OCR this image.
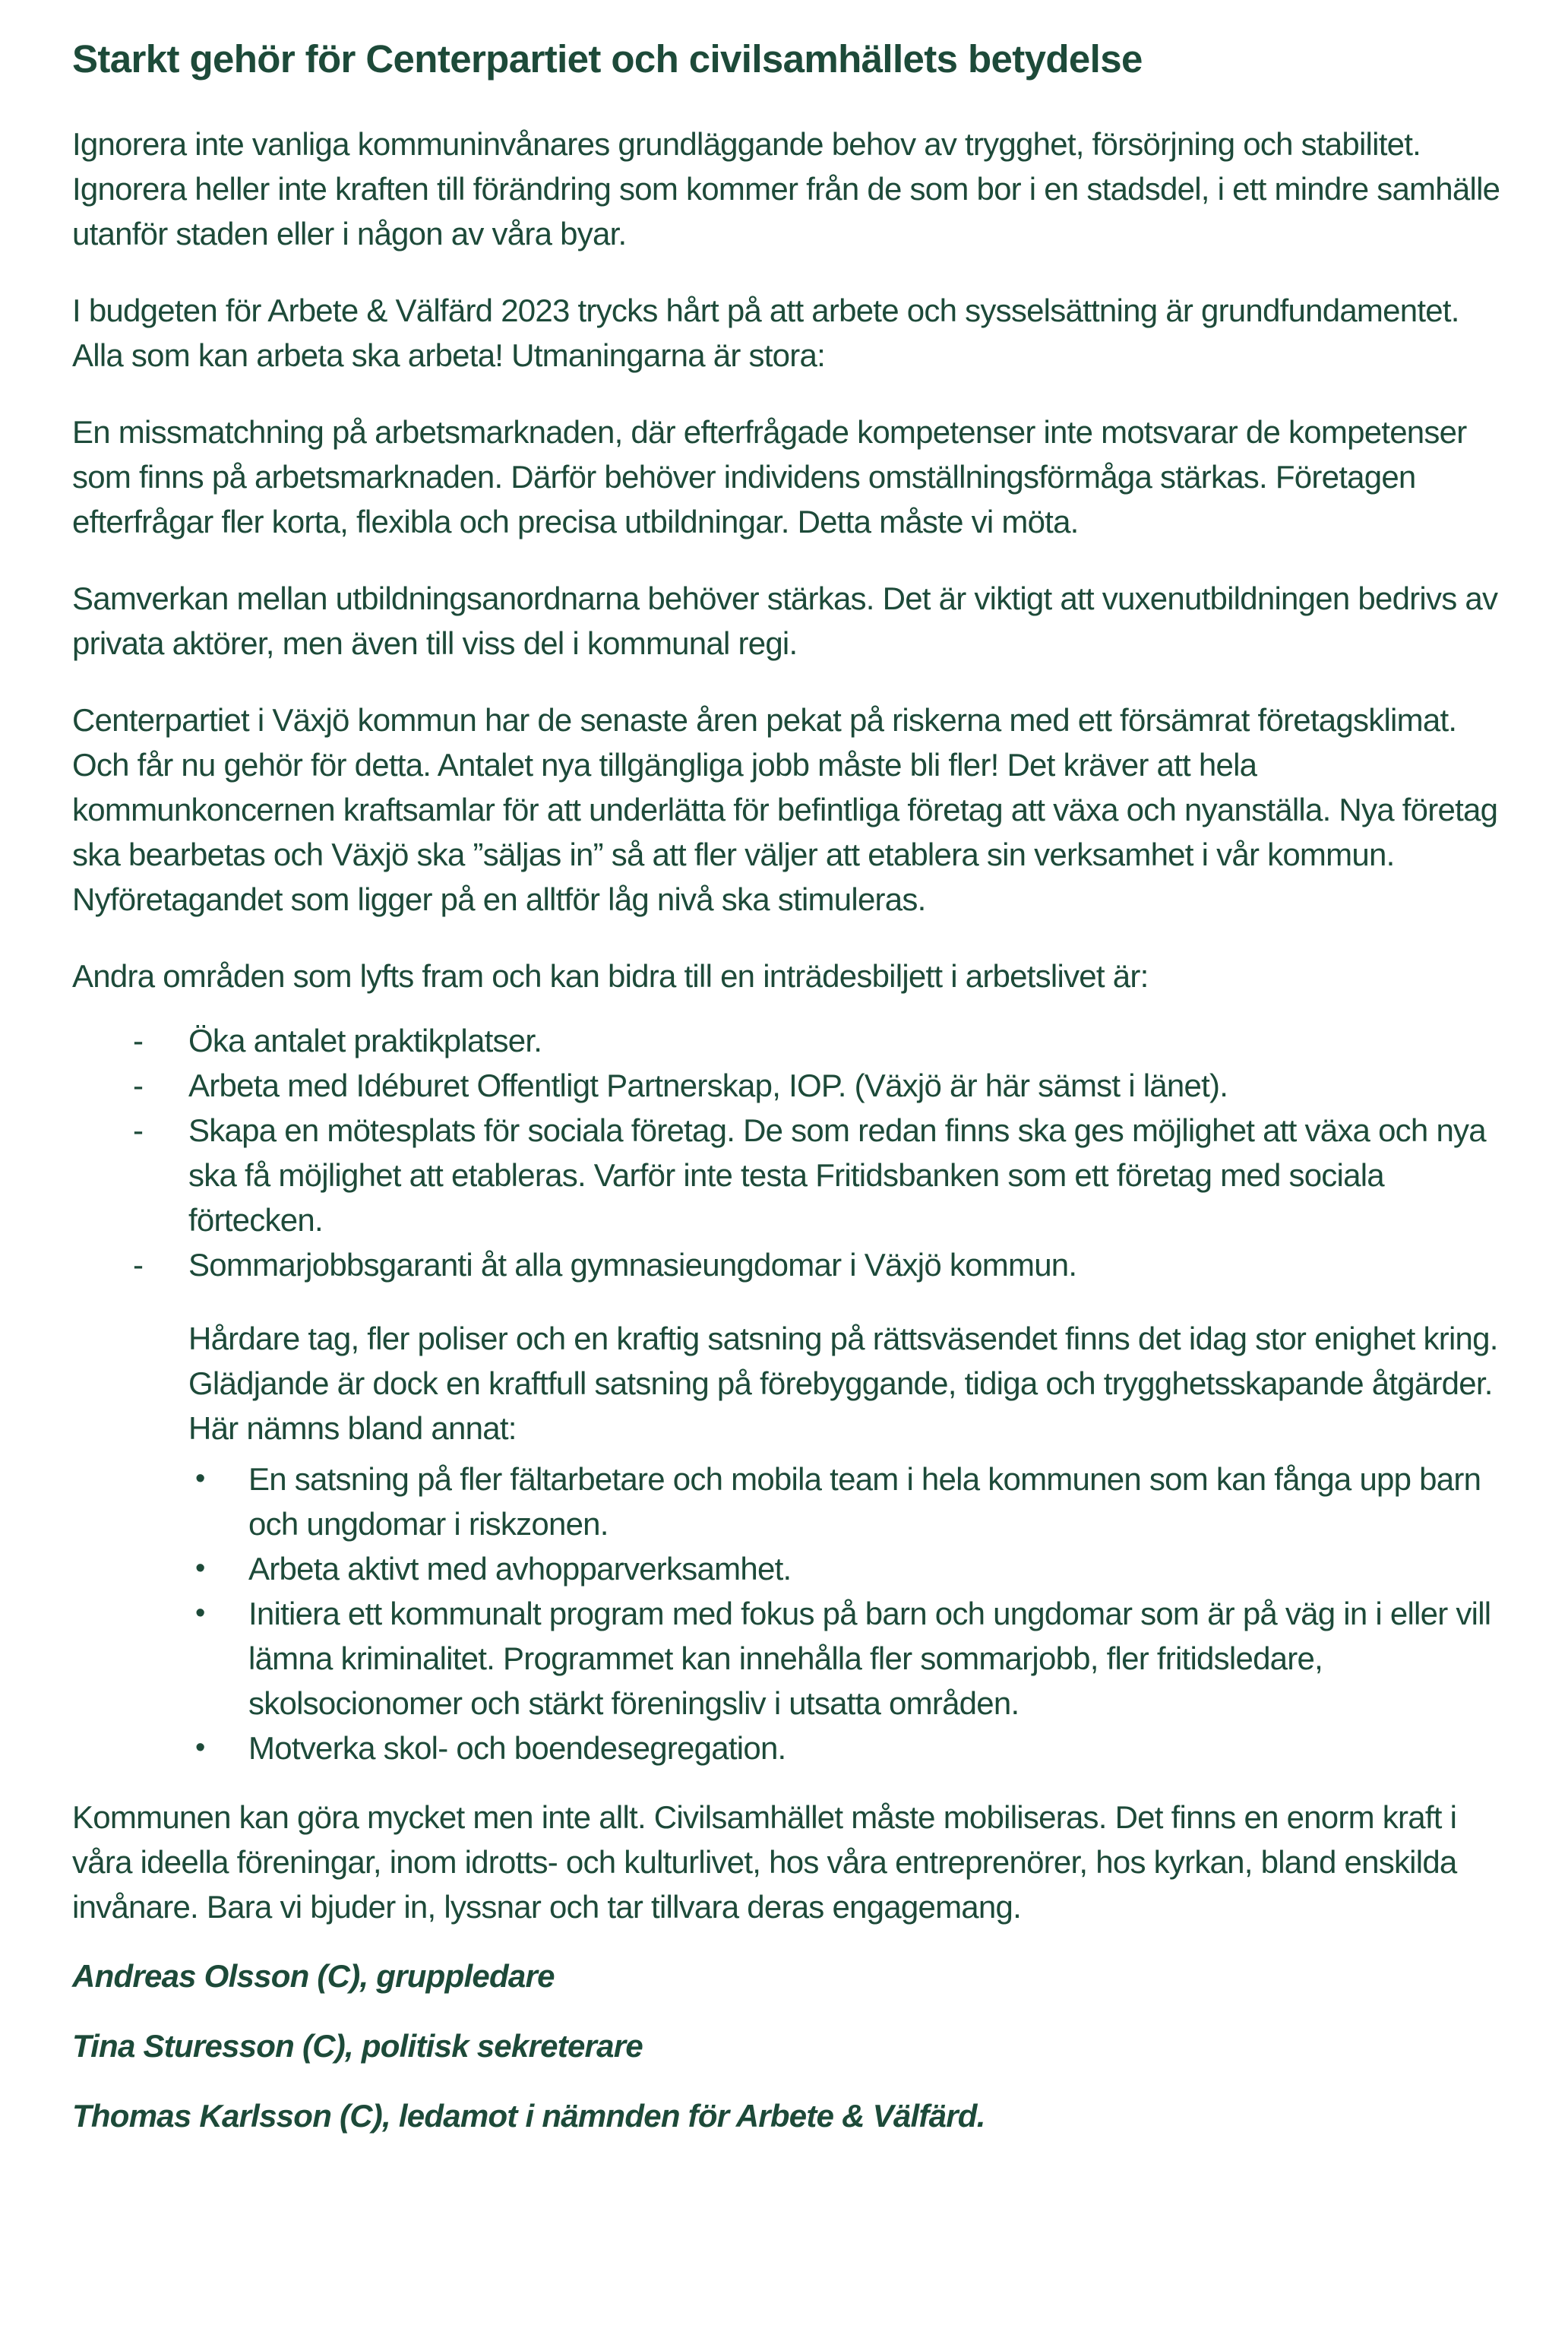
Starkt gehör för Centerpartiet och civilsamhällets betydelse

Ignorera inte vanliga kommuninvånares grundläggande behov av trygghet, försörjning och stabilitet. Ignorera heller inte kraften till förändring som kommer från de som bor i en stadsdel, i ett mindre samhälle utanför staden eller i någon av våra byar.

I budgeten för Arbete & Välfärd 2023 trycks hårt på att arbete och sysselsättning är grundfundamentet. Alla som kan arbeta ska arbeta! Utmaningarna är stora:

En missmatchning på arbetsmarknaden, där efterfrågade kompetenser inte motsvarar de kompetenser som finns på arbetsmarknaden. Därför behöver individens omställningsförmåga stärkas. Företagen efterfrågar fler korta, flexibla och precisa utbildningar. Detta måste vi möta.

Samverkan mellan utbildningsanordnarna behöver stärkas. Det är viktigt att vuxenutbildningen bedrivs av privata aktörer, men även till viss del i kommunal regi.

Centerpartiet i Växjö kommun har de senaste åren pekat på riskerna med ett försämrat företagsklimat. Och får nu gehör för detta. Antalet nya tillgängliga jobb måste bli fler! Det kräver att hela kommunkoncernen kraftsamlar för att underlätta för befintliga företag att växa och nyanställa. Nya företag ska bearbetas och Växjö ska ”säljas in” så att fler väljer att etablera sin verksamhet i vår kommun. Nyföretagandet som ligger på en alltför låg nivå ska stimuleras.

Andra områden som lyfts fram och kan bidra till en inträdesbiljett i arbetslivet är:

-	Öka antalet praktikplatser.
-	Arbeta med Idéburet Offentligt Partnerskap, IOP. (Växjö är här sämst i länet).
-	Skapa en mötesplats för sociala företag. De som redan finns ska ges möjlighet att växa och nya ska få möjlighet att etableras. Varför inte testa Fritidsbanken som ett företag med sociala förtecken.
-	Sommarjobbsgaranti åt alla gymnasieungdomar i Växjö kommun.

Hårdare tag, fler poliser och en kraftig satsning på rättsväsendet finns det idag stor enighet kring. Glädjande är dock en kraftfull satsning på förebyggande, tidiga och trygghetsskapande åtgärder. Här nämns bland annat:

•	En satsning på fler fältarbetare och mobila team i hela kommunen som kan fånga upp barn och ungdomar i riskzonen.
•	Arbeta aktivt med avhopparverksamhet.
•	Initiera ett kommunalt program med fokus på barn och ungdomar som är på väg in i eller vill lämna kriminalitet. Programmet kan innehålla fler sommarjobb, fler fritidsledare, skolsocionomer och stärkt föreningsliv i utsatta områden.
•	Motverka skol- och boendesegregation.

Kommunen kan göra mycket men inte allt. Civilsamhället måste mobiliseras. Det finns en enorm kraft i våra ideella föreningar, inom idrotts- och kulturlivet, hos våra entreprenörer, hos kyrkan, bland enskilda invånare. Bara vi bjuder in, lyssnar och tar tillvara deras engagemang.

Andreas Olsson (C), gruppledare

Tina Sturesson (C), politisk sekreterare

Thomas Karlsson (C), ledamot i nämnden för Arbete & Välfärd.
